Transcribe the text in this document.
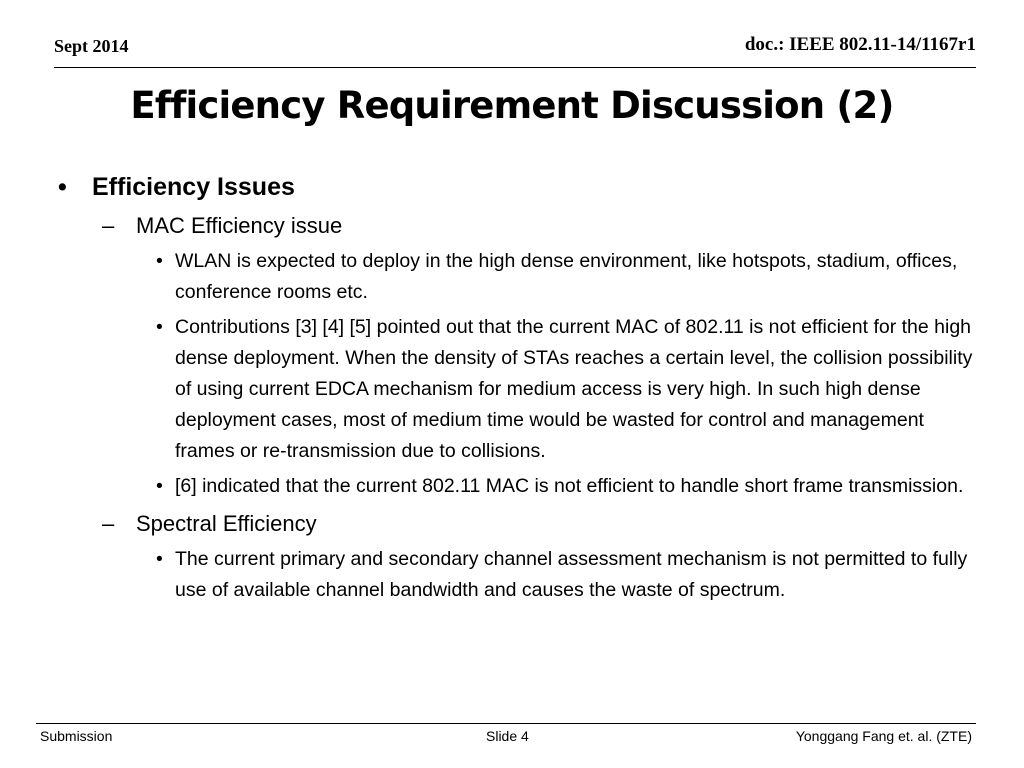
Sept 2014	doc.: IEEE 802.11-14/1167r1
Efficiency Requirement Discussion (2)
• Efficiency Issues
– MAC Efficiency issue
• WLAN is expected to deploy in the high dense environment, like hotspots, stadium, offices, conference rooms etc.
• Contributions [3] [4] [5] pointed out that the current MAC of 802.11 is not efficient for the high dense deployment. When the density of STAs reaches a certain level, the collision possibility of using current EDCA mechanism for medium access is very high. In such high dense deployment cases, most of medium time would be wasted for control and management frames or re-transmission due to collisions.
• [6] indicated that the current 802.11 MAC is not efficient to handle short frame transmission.
– Spectral Efficiency
• The current primary and secondary channel assessment mechanism is not permitted to fully use of available channel bandwidth and causes the waste of spectrum.
Submission	Slide 4	Yonggang Fang et. al. (ZTE)
